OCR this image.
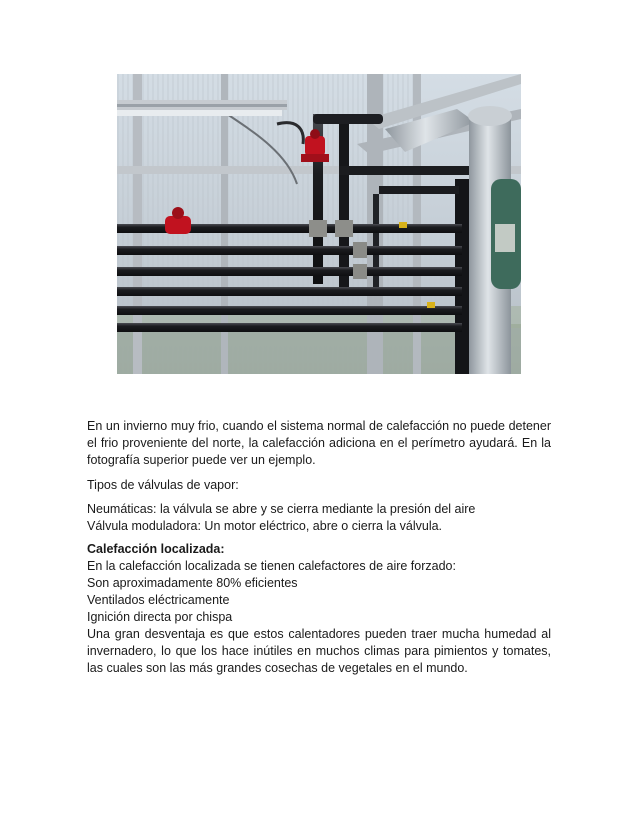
En un invierno muy frio, cuando el sistema normal de calefacción no puede detener
el frio proveniente del norte, la calefacción adiciona en el perímetro ayudará. En la
fotografía superior puede ver un ejemplo.
Tipos de válvulas de vapor:
Neumáticas: la válvula se abre y se cierra mediante la presión del aire
Válvula moduladora: Un motor eléctrico, abre o cierra la válvula.
Calefacción localizada:
En la calefacción localizada se tienen calefactores de aire forzado:
Son aproximadamente 80% eficientes
Ventilados eléctricamente
Ignición directa por chispa
Una gran desventaja es que estos calentadores pueden traer mucha humedad al
invernadero, lo que los hace inútiles en muchos climas para pimientos y tomates,
las cuales son las más grandes cosechas de vegetales en el mundo.
